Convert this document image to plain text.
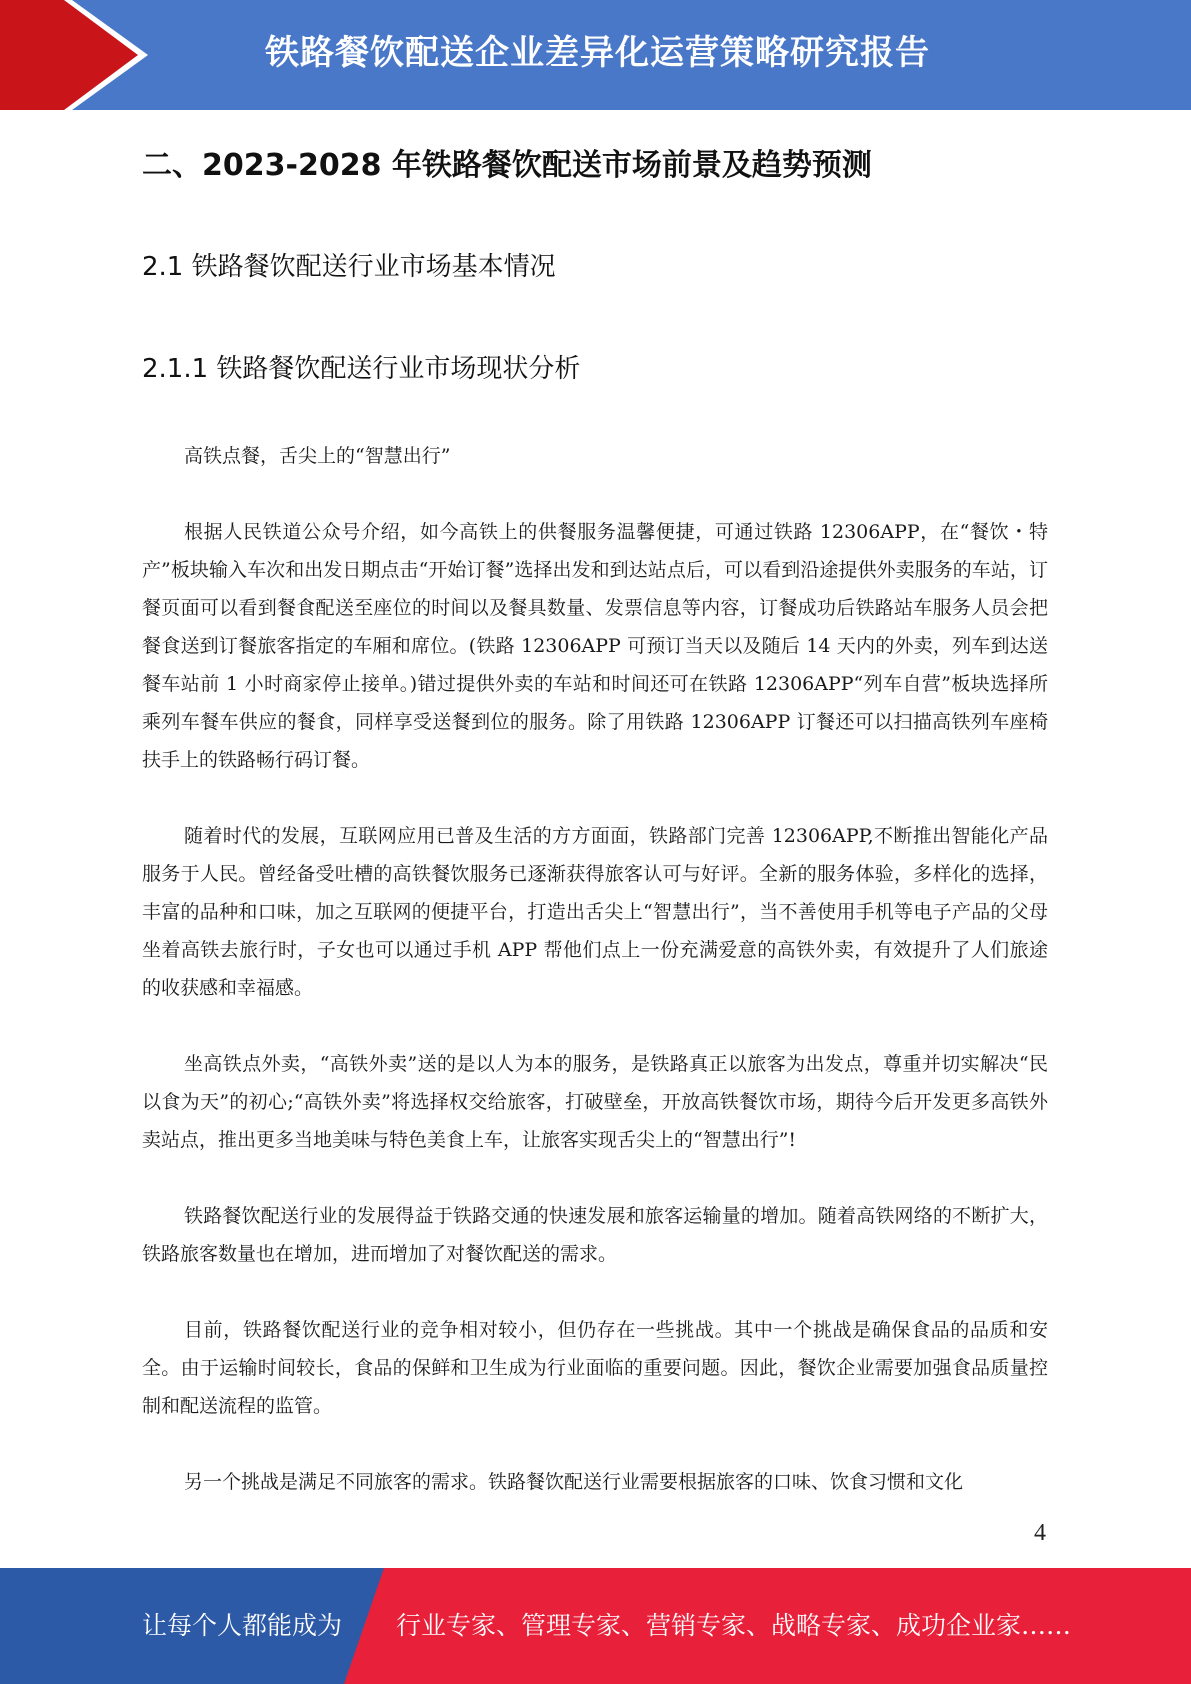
铁路餐饮配送企业差异化运营策略研究报告
二、2023-2028 年铁路餐饮配送市场前景及趋势预测
2.1 铁路餐饮配送行业市场基本情况
2.1.1 铁路餐饮配送行业市场现状分析

高铁点餐，舌尖上的“智慧出行”

根据人民铁道公众号介绍，如今高铁上的供餐服务温馨便捷，可通过铁路 12306APP，在“餐饮・特产”板块输入车次和出发日期点击“开始订餐”选择出发和到达站点后，可以看到沿途提供外卖服务的车站，订餐页面可以看到餐食配送至座位的时间以及餐具数量、发票信息等内容，订餐成功后铁路站车服务人员会把餐食送到订餐旅客指定的车厢和席位。(铁路 12306APP 可预订当天以及随后 14 天内的外卖，列车到达送餐车站前 1 小时商家停止接单。)错过提供外卖的车站和时间还可在铁路 12306APP“列车自营”板块选择所乘列车餐车供应的餐食，同样享受送餐到位的服务。除了用铁路 12306APP 订餐还可以扫描高铁列车座椅扶手上的铁路畅行码订餐。

随着时代的发展，互联网应用已普及生活的方方面面，铁路部门完善 12306APP,不断推出智能化产品服务于人民。曾经备受吐槽的高铁餐饮服务已逐渐获得旅客认可与好评。全新的服务体验，多样化的选择，丰富的品种和口味，加之互联网的便捷平台，打造出舌尖上“智慧出行”，当不善使用手机等电子产品的父母坐着高铁去旅行时，子女也可以通过手机 APP 帮他们点上一份充满爱意的高铁外卖，有效提升了人们旅途的收获感和幸福感。

坐高铁点外卖，“高铁外卖”送的是以人为本的服务，是铁路真正以旅客为出发点，尊重并切实解决“民以食为天”的初心;“高铁外卖”将选择权交给旅客，打破壁垒，开放高铁餐饮市场，期待今后开发更多高铁外卖站点，推出更多当地美味与特色美食上车，让旅客实现舌尖上的“智慧出行”!

铁路餐饮配送行业的发展得益于铁路交通的快速发展和旅客运输量的增加。随着高铁网络的不断扩大，铁路旅客数量也在增加，进而增加了对餐饮配送的需求。

目前，铁路餐饮配送行业的竞争相对较小，但仍存在一些挑战。其中一个挑战是确保食品的品质和安全。由于运输时间较长，食品的保鲜和卫生成为行业面临的重要问题。因此，餐饮企业需要加强食品质量控制和配送流程的监管。

另一个挑战是满足不同旅客的需求。铁路餐饮配送行业需要根据旅客的口味、饮食习惯和文化

4
让每个人都能成为 行业专家、管理专家、营销专家、战略专家、成功企业家……
